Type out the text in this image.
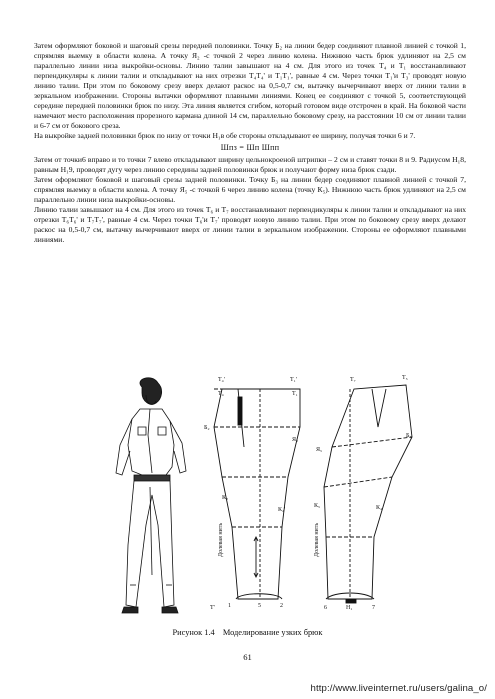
Затем оформляют боковой и шаговый срезы передней половинки. Точку Б₂ на линии бедер соединяют плавной линией с точкой 1, спрямляя выемку в области колена. А точку Я₂ -с точкой 2 через линию колена. Нижнюю часть брюк удлиняют на 2,5 см параллельно линии низа выкройки-основы. Линию талии завышают на 4 см. Для этого из точек Т₄ и Т₁ восстанавливают перпендикуляры к линии талии и откладывают на них отрезки Т₄Т₄' и Т₁Т₁', равные 4 см. Через точки Т₁'и Т₃' проводят новую линию талии. При этом по боковому срезу вверх делают раскос на 0,5-0,7 см, вытачку вычерчивают вверх от линии талии в зеркальном изображении. Стороны вытачки оформляют плавными линиями. Конец ее соединяют с точкой 5, соответствующей середине передней половинки брюк по низу. Эта линия является сгибом, который готовом виде отстрочен в край. На боковой части намечают место расположения прорезного кармана длиной 14 см, параллельно боковому срезу, на расстоянии 10 см от линии талии и 6-7 см от бокового среза.

На выкройке задней половинки брюк по низу от точки Н₁в обе стороны откладывают ее ширину, получая точки 6 и 7.

Шпз = Шп Шпп

Затем от точки6 вправо и то точки 7 влево откладывают ширину цельнокроеной штрипки – 2 см и ставят точки 8 и 9. Радиусом Н₁8, равным Н₁9, проводят дугу через линию середины задней половинки брюк и получают форму низа брюк сзади.

Затем оформляют боковой и шаговый срезы задней половинки. Точку Б₃ на линии бедер соединяют плавной линией с точкой 7, спрямляя выемку в области колена. А точку Я₅ -с точкой 6 через линию колена (точку К₅). Нижнюю часть брюк удлиняют на 2,5 см параллельно линии низа выкройки-основы.

Линию талии завышают на 4 см. Для этого из точек Т₆ и Т₇ восстанавливают перпендикуляры к линии талии и откладывают на них отрезки Т₆Т₆' и Т₇Т₇', равные 4 см. Через точки Т₆'и Т₇' проводят новую линию талии. При этом по боковому срезу вверх делают раскос на 0,5-0,7 см, вытачку вычерчивают вверх от линии талии в зеркальном изображении. Стороны ее оформляют плавными линиями.

Долевая нить
Т₄'	Т₁'
Т₄	Т₁
Б₂
Я₂
К₂
К₂'
1	2
5
Долевая нить
Т₇	Т₅
Б₃
Я₅
К₅	К₄
6	7
Т'	Н₁
Рисунок 1.4 Моделирование узких брюк
61
http://www.liveinternet.ru/users/galina_o/
